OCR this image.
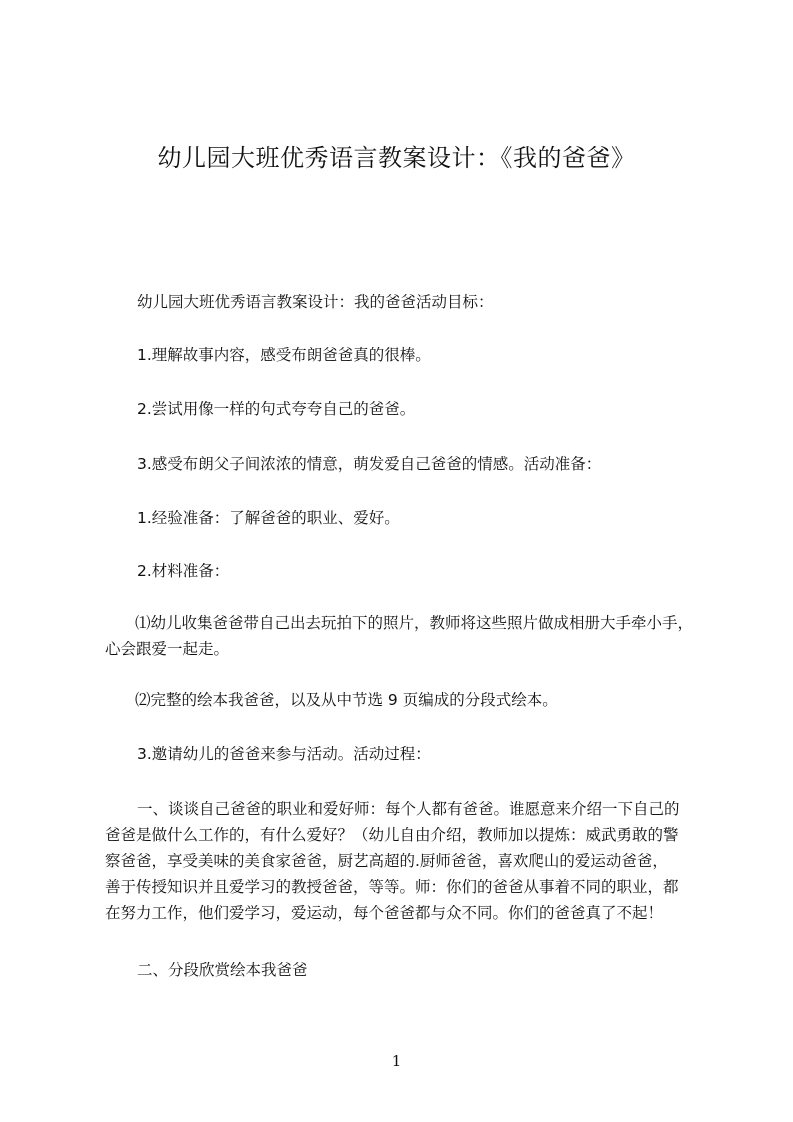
幼儿园大班优秀语言教案设计：《我的爸爸》
幼儿园大班优秀语言教案设计：我的爸爸活动目标：
1.理解故事内容，感受布朗爸爸真的很棒。
2.尝试用像一样的句式夸夸自己的爸爸。
3.感受布朗父子间浓浓的情意，萌发爱自己爸爸的情感。活动准备：
1.经验准备：了解爸爸的职业、爱好。
2.材料准备：
⑴幼儿收集爸爸带自己出去玩拍下的照片，教师将这些照片做成相册大手牵小手，
心会跟爱一起走。
⑵完整的绘本我爸爸，以及从中节选 9 页编成的分段式绘本。
3.邀请幼儿的爸爸来参与活动。活动过程：
一、谈谈自己爸爸的职业和爱好师：每个人都有爸爸。谁愿意来介绍一下自己的
爸爸是做什么工作的，有什么爱好？（幼儿自由介绍，教师加以提炼：威武勇敢的警
察爸爸，享受美味的美食家爸爸，厨艺高超的.厨师爸爸，喜欢爬山的爱运动爸爸，
善于传授知识并且爱学习的教授爸爸，等等。师：你们的爸爸从事着不同的职业，都
在努力工作，他们爱学习，爱运动，每个爸爸都与众不同。你们的爸爸真了不起！
二、分段欣赏绘本我爸爸
1
